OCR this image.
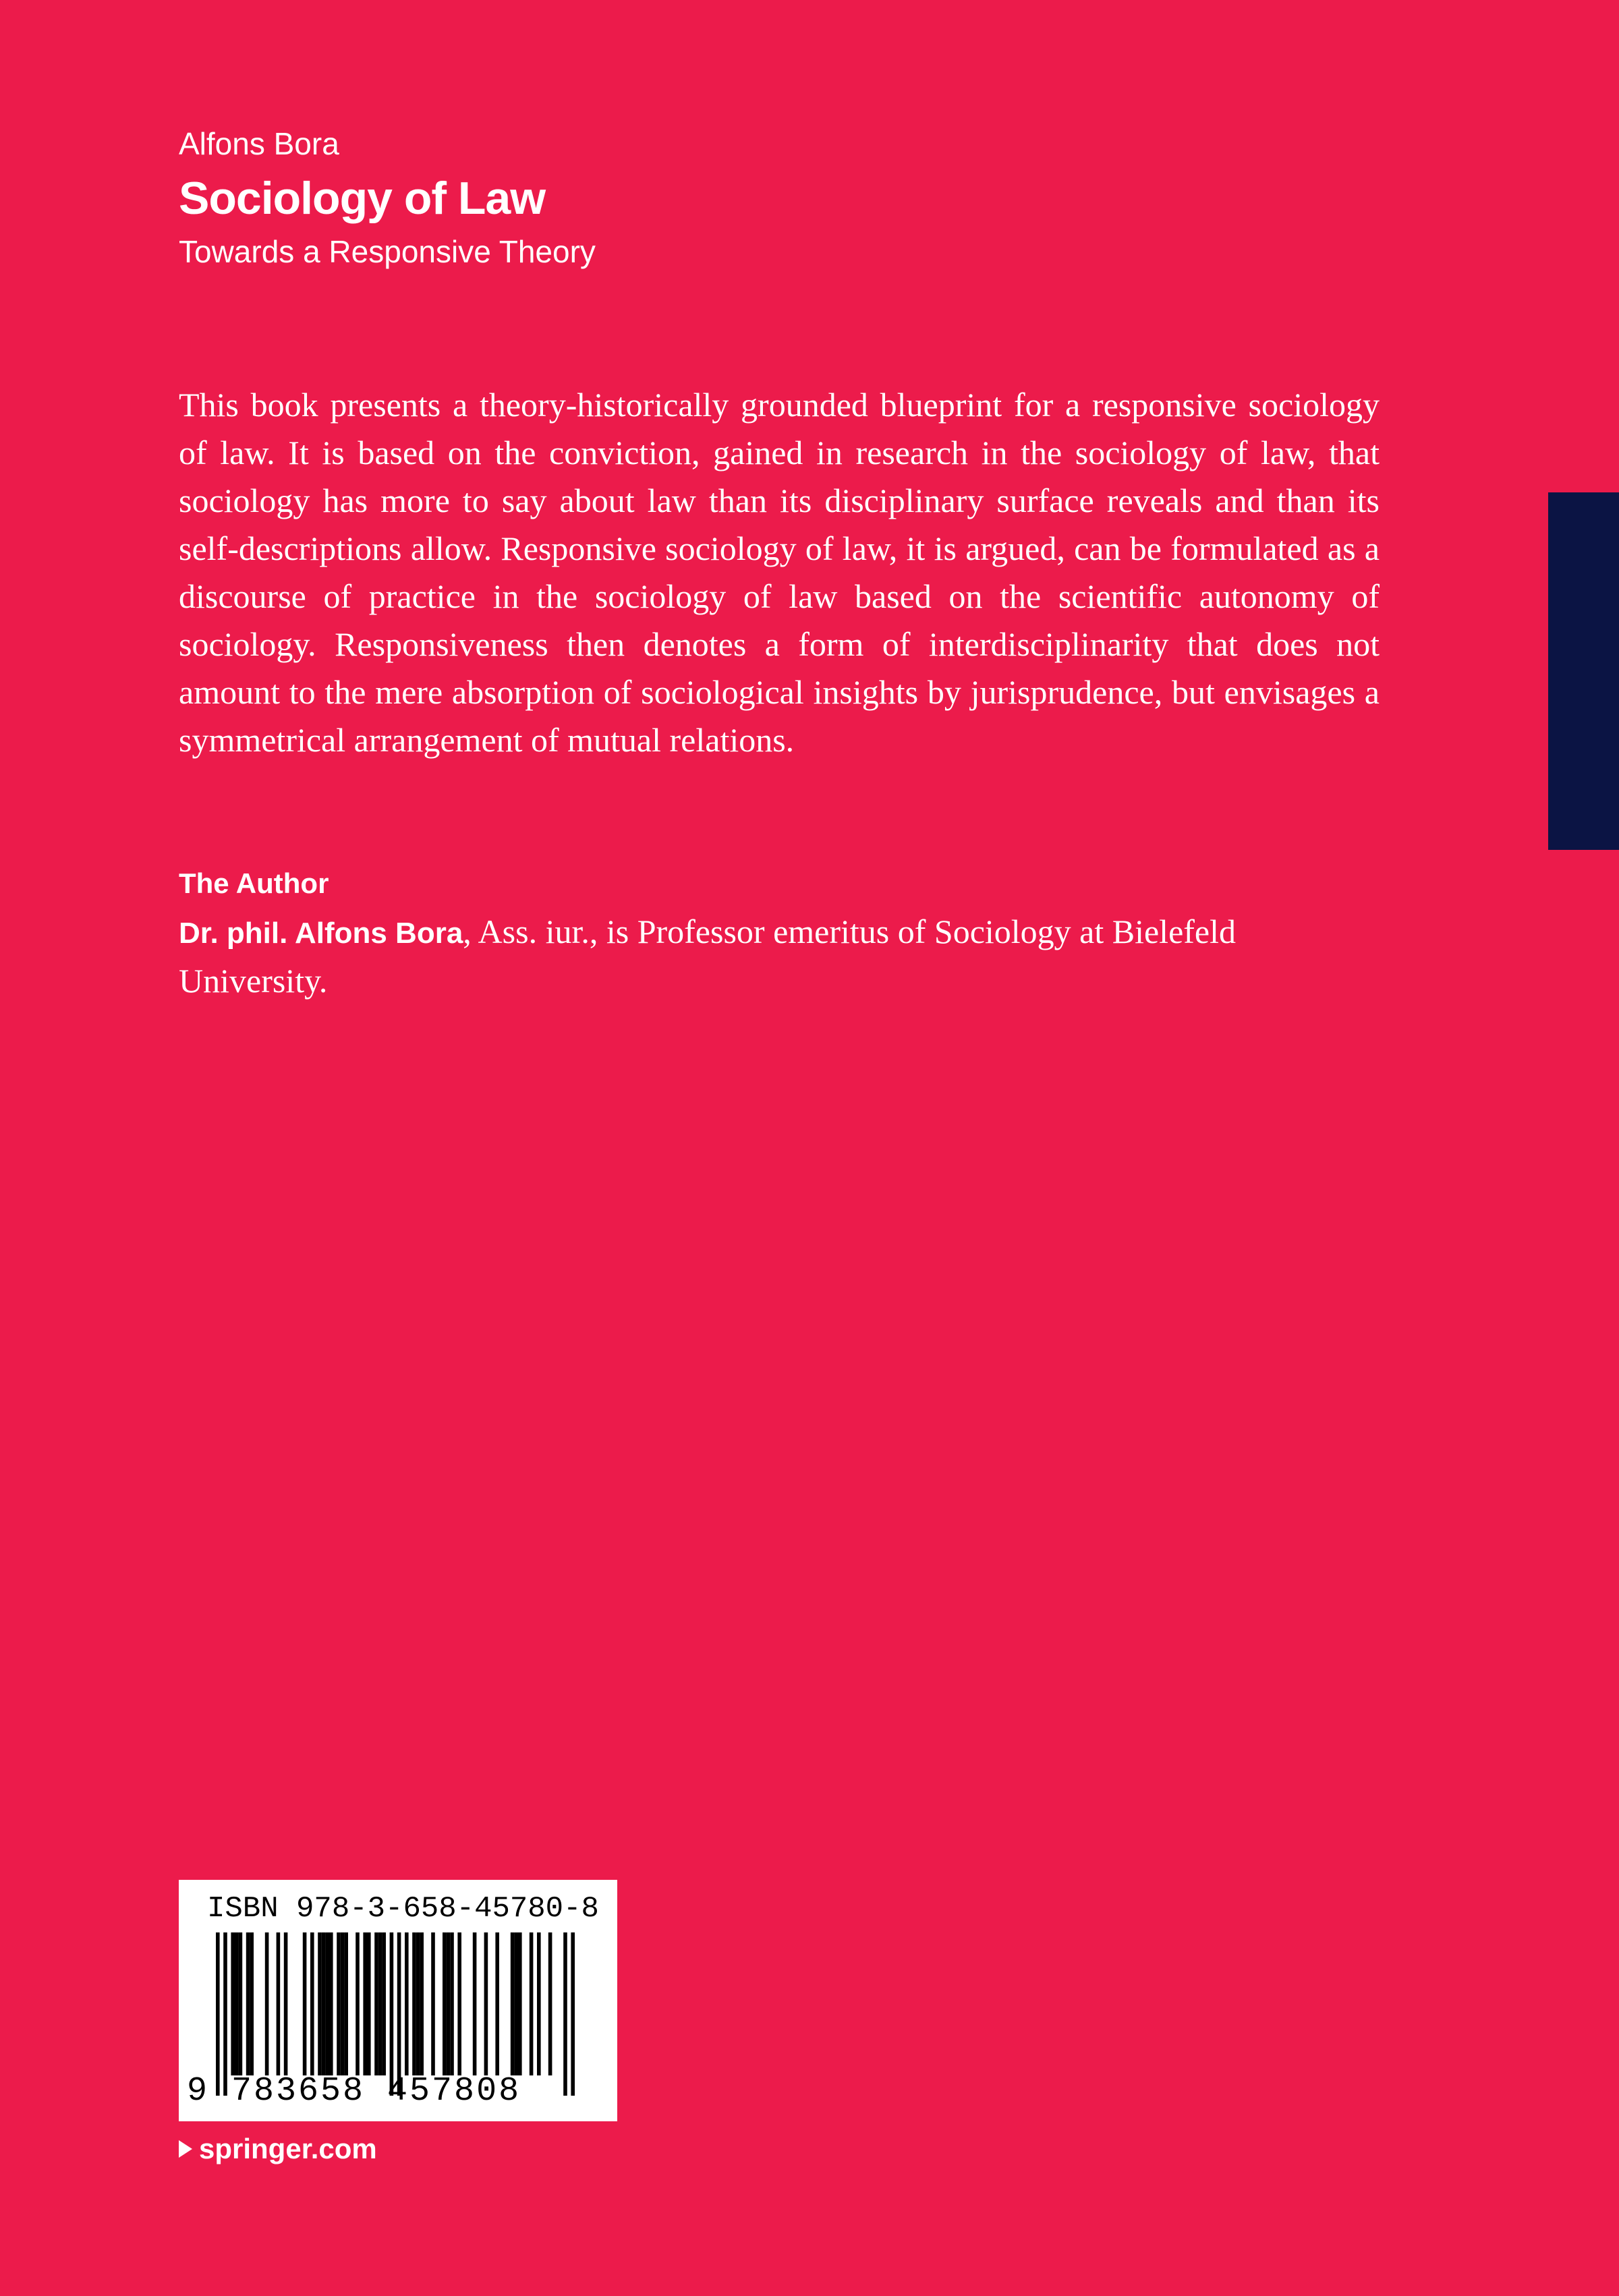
Alfons Bora
Sociology of Law
Towards a Responsive Theory

This book presents a theory-historically grounded blueprint for a responsive sociology of law. It is based on the conviction, gained in research in the sociology of law, that sociology has more to say about law than its disciplinary surface reveals and than its self-descriptions allow. Responsive sociology of law, it is argued, can be formulated as a discourse of practice in the sociology of law based on the scientific autonomy of sociology. Responsiveness then denotes a form of interdisciplinarity that does not amount to the mere absorption of sociological insights by jurisprudence, but envisages a symmetrical arrangement of mutual relations.

The Author

Dr. phil. Alfons Bora, Ass. iur., is Professor emeritus of Sociology at Bielefeld University.

ISBN 978-3-658-45780-8
9 783658 457808
springer.com
